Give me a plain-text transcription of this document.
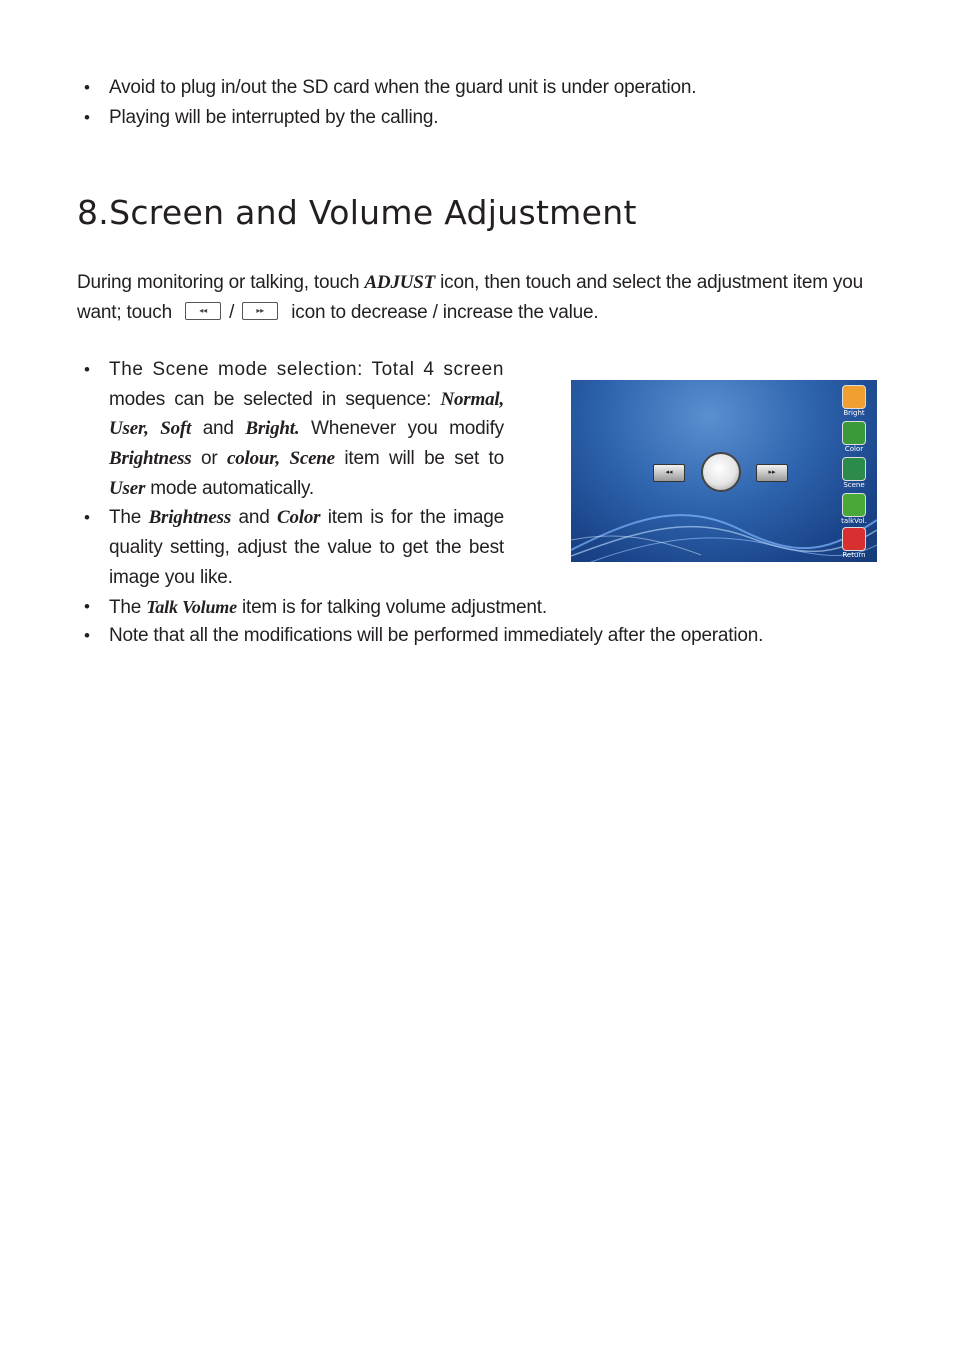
• Avoid to plug in/out the SD card when the guard unit is under operation.
• Playing will be interrupted by the calling.
8.Screen and Volume Adjustment
During monitoring or talking, touch ADJUST icon, then touch and select the adjustment item you
want; touch	◂◂ /	▸▸ icon to decrease / increase the value.
• The Scene mode selection: Total 4 screen
modes can be selected in sequence: Normal,
User, Soft and Bright. Whenever you modify
Brightness or colour, Scene item will be set to
User mode automatically.
• The Brightness and Color item is for the image
quality setting, adjust the value to get the best
image you like.
• The Talk Volume item is for talking volume adjustment.
• Note that all the modifications will be performed immediately after the operation.
◂◂	▸▸
Bright
Color
Scene
talkVol.
Return
